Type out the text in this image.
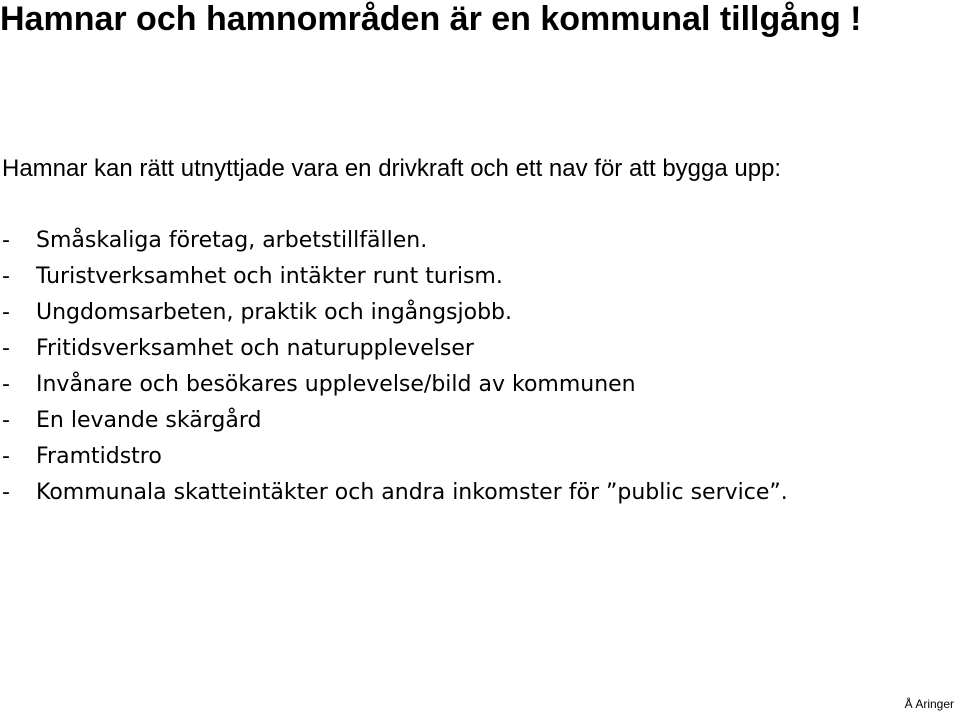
Hamnar och hamnområden är en kommunal tillgång !

Hamnar kan rätt utnyttjade vara en drivkraft och ett nav för att bygga upp:

-	Småskaliga företag, arbetstillfällen.
-	Turistverksamhet och intäkter runt turism.
-	Ungdomsarbeten, praktik och ingångsjobb.
-	Fritidsverksamhet och naturupplevelser
-	Invånare och besökares upplevelse/bild av kommunen
-	En levande skärgård
-	Framtidstro
-	Kommunala skatteintäkter och andra inkomster för ”public service”.
Å Aringer
